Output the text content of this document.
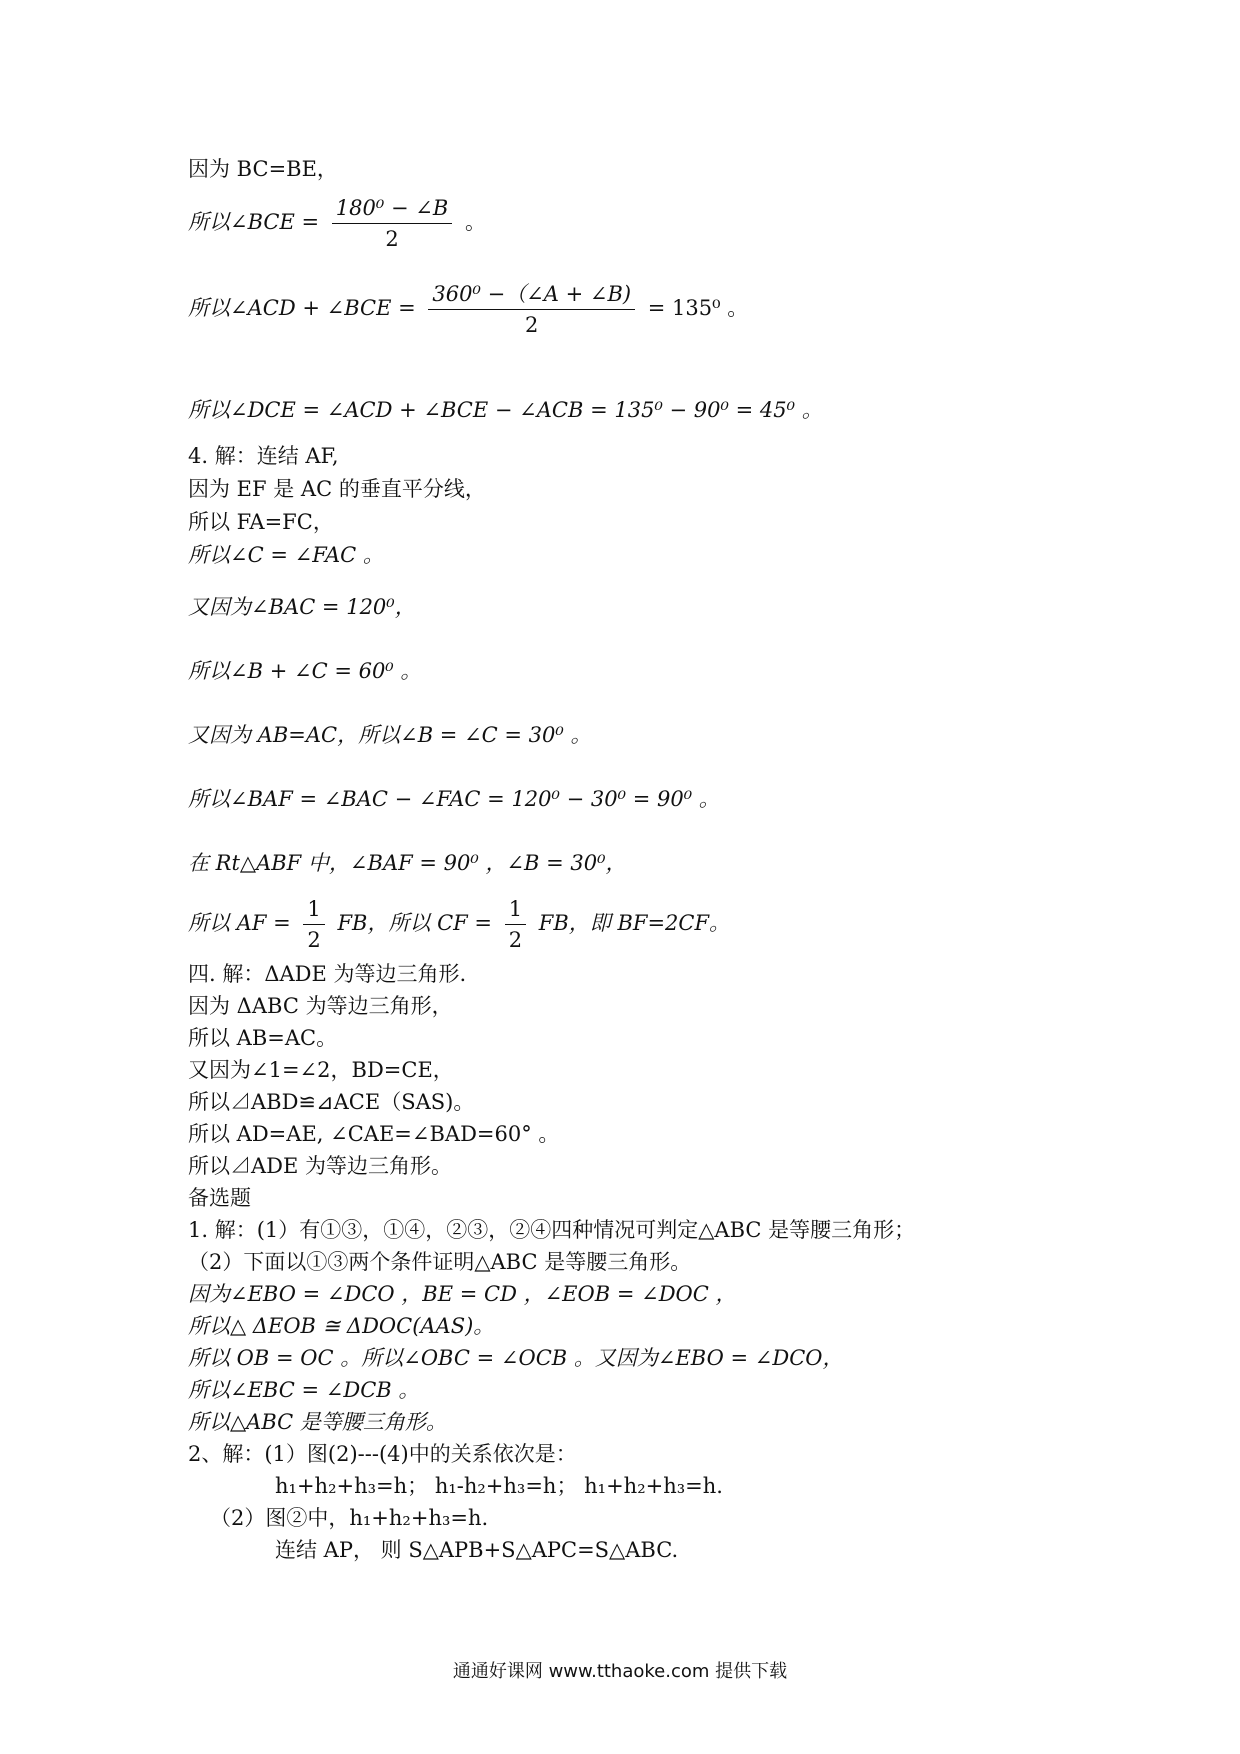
因为 BC=BE，
所以∠BCE = $\frac{\text{180⁰ − ∠B}}{2}$ 。
所以∠ACD + ∠BCE = $\frac{\text{360⁰ −（∠A + ∠B)}}{2} = 135^0$ 。
所以∠DCE = ∠ACD + ∠BCE − ∠ACB = 135⁰ − 90⁰ = 45⁰ 。
4. 解：连结 AF,
因为 EF 是 AC 的垂直平分线，
所以 FA=FC，
所以∠C = ∠FAC 。
又因为∠BAC = 120⁰，
所以∠B + ∠C = 60⁰ 。
又因为 AB=AC，所以∠B = ∠C = 30⁰ 。
所以∠BAF = ∠BAC − ∠FAC = 120⁰ − 30⁰ = 90⁰ 。
在 Rt△ABF 中，∠BAF = 90⁰ ，∠B = 30⁰，
所以 AF = $\frac{1}{2}$ FB，所以 CF = $\frac{1}{2}$ FB，即 BF=2CF。
四. 解：ΔADE 为等边三角形.
因为 ΔABC 为等边三角形，
所以 AB=AC。
又因为∠1=∠2，BD=CE，
所以⊿ABD≌⊿ACE（SAS)。
所以 AD=AE, ∠CAE=∠BAD=60° 。
所以⊿ADE 为等边三角形。
备选题
1. 解：(1）有①③，①④，②③，②④四种情况可判定△ABC 是等腰三角形；
（2）下面以①③两个条件证明△ABC 是等腰三角形。
因为∠EBO = ∠DCO ，BE = CD ，∠EOB = ∠DOC ，
所以△ ΔEOB ≅ ΔDOC(AAS)。
所以 OB = OC 。所以∠OBC = ∠OCB 。又因为∠EBO = ∠DCO，
所以∠EBC = ∠DCB 。
所以△ABC 是等腰三角形。
2、解：(1）图(2)---(4)中的关系依次是：
h₁+h₂+h₃=h； h₁-h₂+h₃=h； h₁+h₂+h₃=h.
（2）图②中，h₁+h₂+h₃=h.
连结 AP， 则 S△APB+S△APC=S△ABC.
通通好课网 www.tthaoke.com 提供下载
